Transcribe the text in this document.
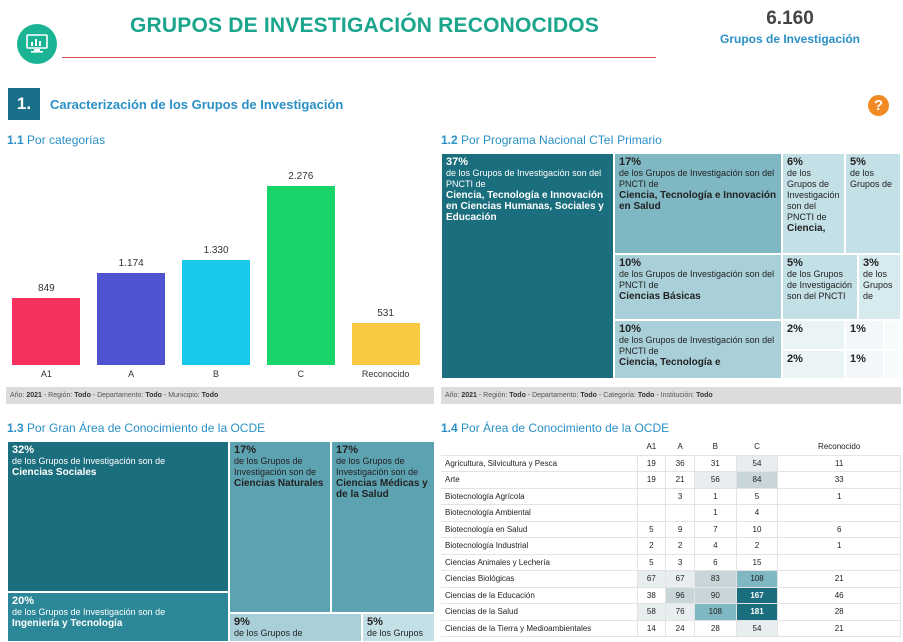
GRUPOS DE INVESTIGACIÓN RECONOCIDOS	6.160
Grupos de Investigación
1.	Caracterización de los Grupos de Investigación	?
1.1 Por categorías
849
A1
1.174
A
1.330
B
2.276
C
531
Reconocido
Año: 2021 - Región: Todo - Departamento: Todo - Municipio: Todo
1.2 Por Programa Nacional CTeI Primario
37%
de los Grupos de Investigación son del PNCTI de
Ciencia, Tecnología e Innovación en Ciencias Humanas, Sociales y Educación
17%
de los Grupos de Investigación son del PNCTI de
Ciencia, Tecnología e Innovación en Salud
6%
de los Grupos de Investigación son del PNCTI de
Ciencia,
5%
de los Grupos de
10%
de los Grupos de Investigación son del PNCTI de
Ciencias Básicas
5%
de los Grupos de Investigación son del PNCTI
3%
de los Grupos de
10%
de los Grupos de Investigación son del PNCTI de
Ciencia, Tecnología e
2%	1%
2%	1%
Año: 2021 - Región: Todo - Departamento: Todo - Categoría: Todo - Institución: Todo
1.3 Por Gran Área de Conocimiento de la OCDE
32%
de los Grupos de Investigación son de
Ciencias Sociales
17%
de los Grupos de Investigación son de
Ciencias Naturales
17%
de los Grupos de Investigación son de
Ciencias Médicas y de la Salud
20%
de los Grupos de Investigación son de
Ingeniería y Tecnología	9%
de los Grupos de
5%
de los Grupos
1.4 Por Área de Conocimiento de la OCDE
	A1	A	B	C	Reconocido
Agricultura, Silvicultura y Pesca	19	36	31	54	11
Arte	19	21	56	84	33
Biotecnología Agrícola		3	1	5	1
Biotecnología Ambiental			1	4	
Biotecnología en Salud	5	9	7	10	6
Biotecnología Industrial	2	2	4	2	1
Ciencias Animales y Lechería	5	3	6	15	
Ciencias Biológicas	67	67	83	108	21
Ciencias de la Educación	38	96	90	167	46
Ciencias de la Salud	58	76	108	181	28
Ciencias de la Tierra y Medioambientales	14	24	28	54	21
